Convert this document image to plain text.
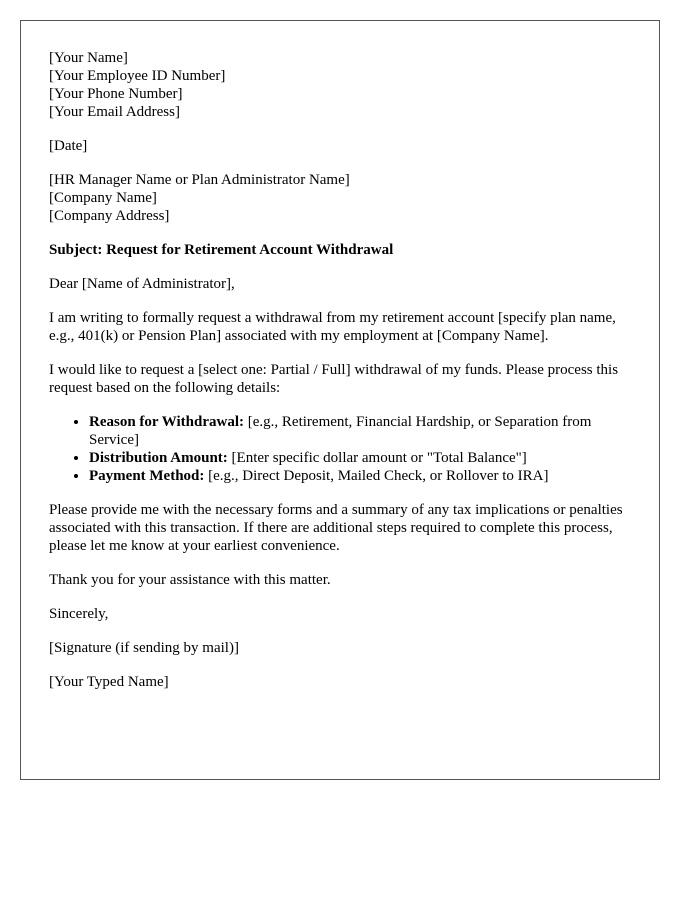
[Your Name]
[Your Employee ID Number]
[Your Phone Number]
[Your Email Address]
[Date]
[HR Manager Name or Plan Administrator Name]
[Company Name]
[Company Address]

Subject: Request for Retirement Account Withdrawal

Dear [Name of Administrator],

I am writing to formally request a withdrawal from my retirement account [specify plan name, e.g., 401(k) or Pension Plan] associated with my employment at [Company Name].

I would like to request a [select one: Partial / Full] withdrawal of my funds. Please process this request based on the following details:

• Reason for Withdrawal: [e.g., Retirement, Financial Hardship, or Separation from Service]
• Distribution Amount: [Enter specific dollar amount or "Total Balance"]
• Payment Method: [e.g., Direct Deposit, Mailed Check, or Rollover to IRA]

Please provide me with the necessary forms and a summary of any tax implications or penalties associated with this transaction. If there are additional steps required to complete this process, please let me know at your earliest convenience.

Thank you for your assistance with this matter.

Sincerely,

[Signature (if sending by mail)]

[Your Typed Name]
